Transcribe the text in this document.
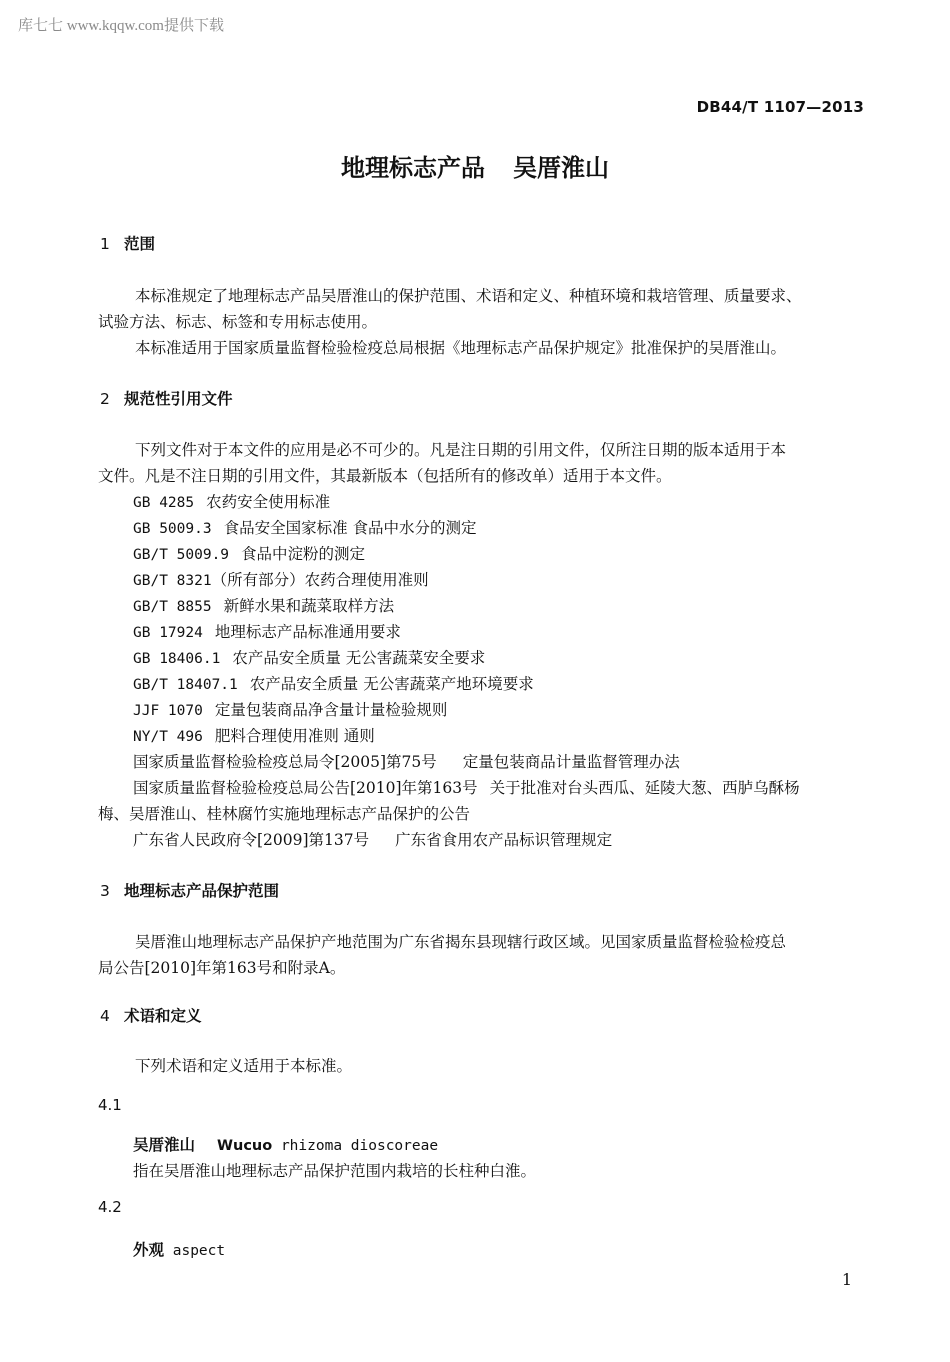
库七七 www.kqqw.com提供下载
DB44/T 1107—2013
地理标志产品 吴厝淮山
1 范围
本标准规定了地理标志产品吴厝淮山的保护范围、术语和定义、种植环境和栽培管理、质量要求、
试验方法、标志、标签和专用标志使用。
本标准适用于国家质量监督检验检疫总局根据《地理标志产品保护规定》批准保护的吴厝淮山。
2 规范性引用文件
下列文件对于本文件的应用是必不可少的。凡是注日期的引用文件，仅所注日期的版本适用于本
文件。凡是不注日期的引用文件，其最新版本（包括所有的修改单）适用于本文件。
GB 4285 农药安全使用标准
GB 5009.3 食品安全国家标准 食品中水分的测定
GB/T 5009.9 食品中淀粉的测定
GB/T 8321（所有部分）农药合理使用准则
GB/T 8855 新鲜水果和蔬菜取样方法
GB 17924 地理标志产品标准通用要求
GB 18406.1 农产品安全质量 无公害蔬菜安全要求
GB/T 18407.1 农产品安全质量 无公害蔬菜产地环境要求
JJF 1070 定量包装商品净含量计量检验规则
NY/T 496 肥料合理使用准则 通则
国家质量监督检验检疫总局令[2005]第75号 定量包装商品计量监督管理办法
国家质量监督检验检疫总局公告[2010]年第163号 关于批准对台头西瓜、延陵大葱、西胪乌酥杨
梅、吴厝淮山、桂林腐竹实施地理标志产品保护的公告
广东省人民政府令[2009]第137号 广东省食用农产品标识管理规定
3 地理标志产品保护范围
吴厝淮山地理标志产品保护产地范围为广东省揭东县现辖行政区域。见国家质量监督检验检疫总
局公告[2010]年第163号和附录A。
4 术语和定义
下列术语和定义适用于本标准。
4.1
吴厝淮山 Wucuo rhizoma dioscoreae
指在吴厝淮山地理标志产品保护范围内栽培的长柱种白淮。
4.2
外观 aspect
1
